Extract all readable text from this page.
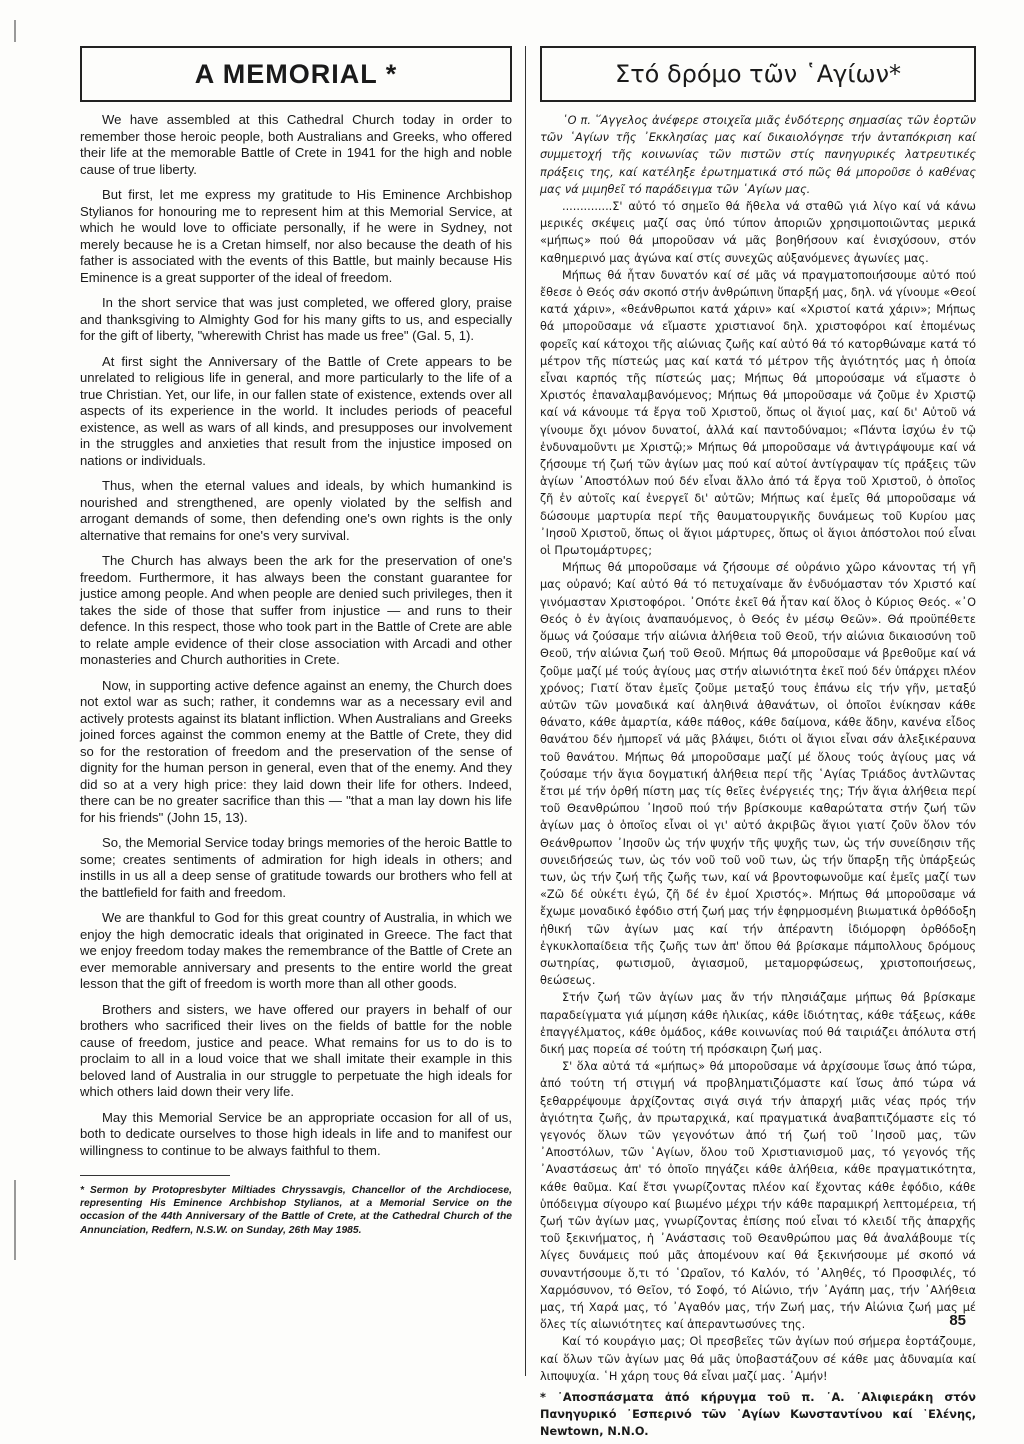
A MEMORIAL *

We have assembled at this Cathedral Church today in order to remember those heroic people, both Australians and Greeks, who offered their life at the memorable Battle of Crete in 1941 for the high and noble cause of true liberty.

But first, let me express my gratitude to His Eminence Archbishop Stylianos for honouring me to represent him at this Memorial Service, at which he would love to officiate personally, if he were in Sydney, not merely because he is a Cretan himself, nor also because the death of his father is associated with the events of this Battle, but mainly because His Eminence is a great supporter of the ideal of freedom.

In the short service that was just completed, we offered glory, praise and thanksgiving to Almighty God for his many gifts to us, and especially for the gift of liberty, "wherewith Christ has made us free" (Gal. 5, 1).

At first sight the Anniversary of the Battle of Crete appears to be unrelated to religious life in general, and more particularly to the life of a true Christian. Yet, our life, in our fallen state of existence, extends over all aspects of its experience in the world. It includes periods of peaceful existence, as well as wars of all kinds, and presupposes our involvement in the struggles and anxieties that result from the injustice imposed on nations or individuals.

Thus, when the eternal values and ideals, by which humankind is nourished and strengthened, are openly violated by the selfish and arrogant demands of some, then defending one's own rights is the only alternative that remains for one's very survival.

The Church has always been the ark for the preservation of one's freedom. Furthermore, it has always been the constant guarantee for justice among people. And when people are denied such privileges, then it takes the side of those that suffer from injustice — and runs to their defence. In this respect, those who took part in the Battle of Crete are able to relate ample evidence of their close association with Arcadi and other monasteries and Church authorities in Crete.

Now, in supporting active defence against an enemy, the Church does not extol war as such; rather, it condemns war as a necessary evil and actively protests against its blatant infliction. When Australians and Greeks joined forces against the common enemy at the Battle of Crete, they did so for the restoration of freedom and the preservation of the sense of dignity for the human person in general, even that of the enemy. And they did so at a very high price: they laid down their life for others. Indeed, there can be no greater sacrifice than this — "that a man lay down his life for his friends" (John 15, 13).

So, the Memorial Service today brings memories of the heroic Battle to some; creates sentiments of admiration for high ideals in others; and instills in us all a deep sense of gratitude towards our brothers who fell at the battlefield for faith and freedom.

We are thankful to God for this great country of Australia, in which we enjoy the high democratic ideals that originated in Greece. The fact that we enjoy freedom today makes the remembrance of the Battle of Crete an ever memorable anniversary and presents to the entire world the great lesson that the gift of freedom is worth more than all other goods.

Brothers and sisters, we have offered our prayers in behalf of our brothers who sacrificed their lives on the fields of battle for the noble cause of freedom, justice and peace. What remains for us to do is to proclaim to all in a loud voice that we shall imitate their example in this beloved land of Australia in our struggle to perpetuate the high ideals for which others laid down their very life.

May this Memorial Service be an appropriate occasion for all of us, both to dedicate ourselves to those high ideals in life and to manifest our willingness to continue to be always faithful to them.

* Sermon by Protopresbyter Miltiades Chryssavgis, Chancellor of the Archdiocese, representing His Eminence Archbishop Stylianos, at a Memorial Service on the occasion of the 44th Anniversary of the Battle of Crete, at the Cathedral Church of the Annunciation, Redfern, N.S.W. on Sunday, 26th May 1985.

Στό δρόμο τῶν ῾Αγίων*

῾Ο π. ῞Αγγελος ἀνέφερε στοιχεῖα μιᾶς ἐνδότερης σημασίας τῶν ἑορτῶν τῶν ῾Αγίων τῆς ᾿Εκκλησίας μας καί δικαιολόγησε τήν ἀνταπόκριση καί συμμετοχή τῆς κοινωνίας τῶν πιστῶν στίς πανηγυρικές λατρευτικές πράξεις της, καί κατέληξε ἐρωτηματικά στό πῶς θά μποροῦσε ὁ καθένας μας νά μιμηθεῖ τό παράδειγμα τῶν ῾Αγίων μας.

..............Σ' αὐτό τό σημεῖο θά ἤθελα νά σταθῶ γιά λίγο καί νά κάνω μερικές σκέψεις μαζί σας ὑπό τύπον ἀποριῶν χρησιμοποιῶντας μερικά «μήπως» πού θά μποροῦσαν νά μᾶς βοηθήσουν καί ἐνισχύσουν, στόν καθημερινό μας ἀγώνα καί στίς συνεχῶς αὐξανόμενες ἀγωνίες μας.

Μήπως θά ἦταν δυνατόν καί σέ μᾶς νά πραγματοποιήσουμε αὐτό πού ἔθεσε ὁ Θεός σάν σκοπό στήν ἀνθρώπινη ὕπαρξή μας, δηλ. νά γίνουμε «Θεοί κατά χάριν», «θεάνθρωποι κατά χάριν» καί «Χριστοί κατά χάριν»; Μήπως θά μποροῦσαμε νά εἴμαστε χριστιανοί δηλ. χριστοφόροι καί ἑπομένως φορεῖς καί κάτοχοι τῆς αἰώνιας ζωῆς καί αὐτό θά τό κατορθώναμε κατά τό μέτρον τῆς πίστεώς μας καί κατά τό μέτρον τῆς ἁγιότητός μας ἡ ὁποία εἶναι καρπός τῆς πίστεώς μας; Μήπως θά μπορούσαμε νά εἴμαστε ὁ Χριστός ἐπαναλαμβανόμενος; Μήπως θά μποροῦσαμε νά ζοῦμε ἐν Χριστῷ καί νά κάνουμε τά ἔργα τοῦ Χριστοῦ, ὅπως οἱ ἅγιοί μας, καί δι' Αὐτοῦ νά γίνουμε ὄχι μόνον δυνατοί, ἀλλά καί παντοδύναμοι; «Πάντα ἰσχύω ἐν τῷ ἐνδυναμοῦντι με Χριστῷ;» Μήπως θά μποροῦσαμε νά ἀντιγράψουμε καί νά ζήσουμε τή ζωή τῶν ἁγίων μας πού καί αὐτοί ἀντίγραψαν τίς πράξεις τῶν ἁγίων ᾿Αποστόλων πού δέν εἶναι ἄλλο ἀπό τά ἔργα τοῦ Χριστοῦ, ὁ ὁποῖος ζῆ ἐν αὐτοῖς καί ἐνεργεῖ δι' αὐτῶν; Μήπως καί ἐμεῖς θά μποροῦσαμε νά δώσουμε μαρτυρία περί τῆς θαυματουργικῆς δυνάμεως τοῦ Κυρίου μας ᾿Ιησοῦ Χριστοῦ, ὅπως οἱ ἅγιοι μάρτυρες, ὅπως οἱ ἅγιοι ἀπόστολοι πού εἶναι οἱ Πρωτομάρτυρες;

Μήπως θά μποροῦσαμε νά ζήσουμε σέ οὐράνιο χῶρο κάνοντας τή γῆ μας οὐρανό; Καί αὐτό θά τό πετυχαίναμε ἄν ἐνδυόμασταν τόν Χριστό καί γινόμασταν Χριστοφόροι. ᾿Οπότε ἐκεῖ θά ἦταν καί ὅλος ὁ Κύριος Θεός. «᾿Ο Θεός ὁ ἐν ἁγίοις ἀναπαυόμενος, ὁ Θεός ἐν μέσῳ Θεῶν». Θά προϋπέθετε ὅμως νά ζούσαμε τήν αἰώνια ἀλήθεια τοῦ Θεοῦ, τήν αἰώνια δικαιοσύνη τοῦ Θεοῦ, τήν αἰώνια ζωή τοῦ Θεοῦ. Μήπως θά μποροῦσαμε νά βρεθοῦμε καί νά ζοῦμε μαζί μέ τούς ἁγίους μας στήν αἰωνιότητα ἐκεῖ πού δέν ὑπάρχει πλέον χρόνος; Γιατί ὅταν ἐμεῖς ζοῦμε μεταξύ τους ἐπάνω εἰς τήν γῆν, μεταξύ αὐτῶν τῶν μοναδικά καί ἀληθινά ἀθανάτων, οἱ ὁποῖοι ἐνίκησαν κάθε θάνατο, κάθε ἁμαρτία, κάθε πάθος, κάθε δαίμονα, κάθε ἅδην, κανένα εἶδος θανάτου δέν ἠμπορεῖ νά μᾶς βλάψει, διότι οἱ ἅγιοι εἶναι σάν ἀλεξικέραυνα τοῦ θανάτου. Μήπως θά μποροῦσαμε μαζί μέ ὅλους τούς ἁγίους μας νά ζούσαμε τήν ἅγια δογματική ἀλήθεια περί τῆς ῾Αγίας Τριάδος ἀντλῶντας ἔτσι μέ τήν ὀρθή πίστη μας τίς θεῖες ἐνέργειές της; Τήν ἅγια ἀλήθεια περί τοῦ Θεανθρώπου ᾿Ιησοῦ πού τήν βρίσκουμε καθαρώτατα στήν ζωή τῶν ἁγίων μας ὁ ὁποῖος εἶναι οἱ γι' αὐτό ἀκριβῶς ἅγιοι γιατί ζοῦν ὅλον τόν Θεάνθρωπον ᾿Ιησοῦν ὡς τήν ψυχήν τῆς ψυχῆς των, ὡς τήν συνείδησιν τῆς συνειδήσεώς των, ὡς τόν νοῦ τοῦ νοῦ των, ὡς τήν ὕπαρξη τῆς ὑπάρξεώς των, ὡς τήν ζωή τῆς ζωῆς των, καί νά βροντοφωνοῦμε καί ἐμεῖς μαζί των «Ζῶ δέ οὐκέτι ἐγώ, ζῆ δέ ἐν ἐμοί Χριστός». Μήπως θά μποροῦσαμε νά ἔχωμε μοναδικό ἐφόδιο στή ζωή μας τήν ἐφηρμοσμένη βιωματικά ὀρθόδοξη ἠθική τῶν ἁγίων μας καί τήν ἀπέραντη ἰδιόμορφη ὀρθόδοξη ἐγκυκλοπαίδεια τῆς ζωῆς των ἀπ' ὅπου θά βρίσκαμε πάμπολλους δρόμους σωτηρίας, φωτισμοῦ, ἁγιασμοῦ, μεταμορφώσεως, χριστοποιήσεως, θεώσεως.

Στήν ζωή τῶν ἁγίων μας ἄν τήν πλησιάζαμε μήπως θά βρίσκαμε παραδείγματα γιά μίμηση κάθε ἡλικίας, κάθε ἰδιότητας, κάθε τάξεως, κάθε ἐπαγγέλματος, κάθε ὁμάδος, κάθε κοινωνίας πού θά ταιριάζει ἀπόλυτα στή δική μας πορεία σέ τούτη τή πρόσκαιρη ζωή μας.

Σ' ὅλα αὐτά τά «μήπως» θά μποροῦσαμε νά ἀρχίσουμε ἴσως ἀπό τώρα, ἀπό τούτη τή στιγμή νά προβληματιζόμαστε καί ἴσως ἀπό τώρα νά ξεθαρρέψουμε ἀρχίζοντας σιγά σιγά τήν ἀπαρχή μιᾶς νέας πρός τήν ἁγιότητα ζωῆς, ἀν πρωταρχικά, καί πραγματικά ἀναβαπτιζόμαστε εἰς τό γεγονός ὅλων τῶν γεγονότων ἀπό τή ζωή τοῦ ᾿Ιησοῦ μας, τῶν ᾿Αποστόλων, τῶν ῾Αγίων, ὅλου τοῦ Χριστιανισμοῦ μας, τό γεγονός τῆς ᾿Αναστάσεως ἀπ' τό ὁποῖο πηγάζει κάθε ἀλήθεια, κάθε πραγματικότητα, κάθε θαῦμα. Καί ἔτσι γνωρίζοντας πλέον καί ἔχοντας κάθε ἐφόδιο, κάθε ὑπόδειγμα σίγουρο καί βιωμένο μέχρι τήν κάθε παραμικρή λεπτομέρεια, τή ζωή τῶν ἁγίων μας, γνωρίζοντας ἐπίσης πού εἶναι τό κλειδί τῆς ἀπαρχῆς τοῦ ξεκινήματος, ἡ ᾿Ανάστασις τοῦ Θεανθρώπου μας θά ἀναλάβουμε τίς λίγες δυνάμεις πού μᾶς ἀπομένουν καί θά ξεκινήσουμε μέ σκοπό νά συναντήσουμε ὅ,τι τό ῾Ωραῖον, τό Καλόν, τό ᾿Αληθές, τό Προσφιλές, τό Χαρμόσυνον, τό Θεῖον, τό Σοφό, τό Αἰώνιο, τήν ᾿Αγάπη μας, τήν ᾿Αλήθεια μας, τή Χαρά μας, τό ᾿Αγαθόν μας, τήν Ζωή μας, τήν Αἰώνια ζωή μας μέ ὅλες τίς αἰωνιότητες καί ἀπεραντωσύνες της.

Καί τό κουράγιο μας; Οἱ πρεσβεῖες τῶν ἁγίων πού σήμερα ἑορτάζουμε, καί ὅλων τῶν ἁγίων μας θά μᾶς ὑποβαστάζουν σέ κάθε μας ἀδυναμία καί λιποψυχία. ῾Η χάρη τους θά εἶναι μαζί μας. ᾿Αμήν!

* ᾿Αποσπάσματα ἀπό κήρυγμα τοῦ π. ᾿Α. ᾿Αλιφιεράκη στόν Πανηγυρικό ᾿Εσπερινό τῶν ῾Αγίων Κωνσταντίνου καί ῾Ελένης, Newtown, N.N.O.

85
